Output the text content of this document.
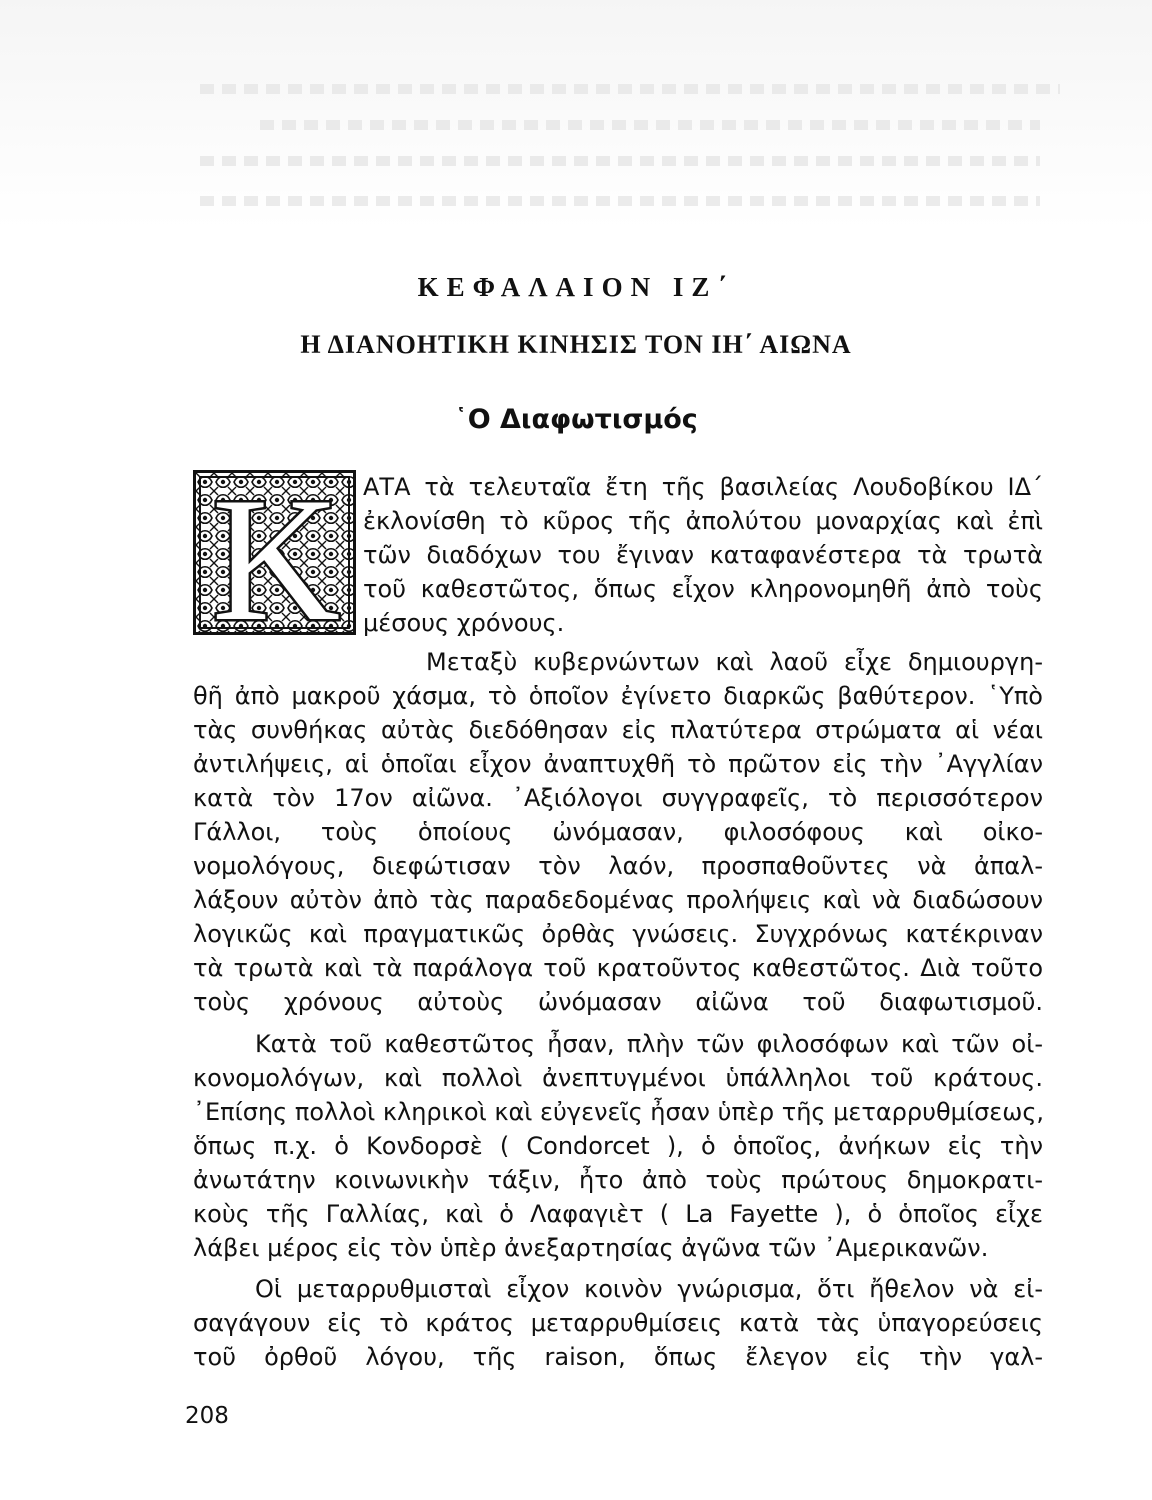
ΚΕΦΑΛΑΙΟΝ ΙΖ΄
Η ΔΙΑΝΟΗΤΙΚΗ ΚΙΝΗΣΙΣ ΤΟΝ ΙΗ΄ ΑΙΩΝΑ
῾Ο Διαφωτισμός
Κ ΑΤΑ τὰ τελευταῖα ἔτη τῆς βασιλείας Λουδοβίκου ΙΔ΄
ἐκλονίσθη τὸ κῦρος τῆς ἀπολύτου μοναρχίας καὶ ἐπὶ
τῶν διαδόχων του ἔγιναν καταφανέστερα τὰ τρωτὰ
τοῦ καθεστῶτος, ὅπως εἶχον κληρονομηθῆ ἀπὸ τοὺς
μέσους χρόνους.
Μεταξὺ κυβερνώντων καὶ λαοῦ εἶχε δημιουργη-
θῆ ἀπὸ μακροῦ χάσμα, τὸ ὁποῖον ἐγίνετο διαρκῶς βαθύτερον. ῾Υπὸ
τὰς συνθήκας αὐτὰς διεδόθησαν εἰς πλατύτερα στρώματα αἱ νέαι
ἀντιλήψεις, αἱ ὁποῖαι εἶχον ἀναπτυχθῆ τὸ πρῶτον εἰς τὴν ᾿Αγγλίαν
κατὰ τὸν 17ον αἰῶνα. ᾿Αξιόλογοι συγγραφεῖς, τὸ περισσότερον
Γάλλοι, τοὺς ὁποίους ὠνόμασαν, φιλοσόφους καὶ οἰκο-
νομολόγους, διεφώτισαν τὸν λαόν, προσπαθοῦντες νὰ ἀπαλ-
λάξουν αὐτὸν ἀπὸ τὰς παραδεδομένας προλήψεις καὶ νὰ διαδώσουν
λογικῶς καὶ πραγματικῶς ὀρθὰς γνώσεις. Συγχρόνως κατέκριναν
τὰ τρωτὰ καὶ τὰ παράλογα τοῦ κρατοῦντος καθεστῶτος. Διὰ τοῦτο
τοὺς χρόνους αὐτοὺς ὠνόμασαν αἰῶνα τοῦ διαφωτισμοῦ.
Κατὰ τοῦ καθεστῶτος ἦσαν, πλὴν τῶν φιλοσόφων καὶ τῶν οἰ-
κονομολόγων, καὶ πολλοὶ ἀνεπτυγμένοι ὑπάλληλοι τοῦ κράτους.
᾿Επίσης πολλοὶ κληρικοὶ καὶ εὐγενεῖς ἦσαν ὑπὲρ τῆς μεταρρυθμίσεως,
ὅπως π.χ. ὁ Κονδορσὲ ( Condorcet ), ὁ ὁποῖος, ἀνήκων εἰς τὴν
ἀνωτάτην κοινωνικὴν τάξιν, ἦτο ἀπὸ τοὺς πρώτους δημοκρατι-
κοὺς τῆς Γαλλίας, καὶ ὁ Λαφαγιὲτ ( La Fayette ), ὁ ὁποῖος εἶχε
λάβει μέρος εἰς τὸν ὑπὲρ ἀνεξαρτησίας ἀγῶνα τῶν ᾿Αμερικανῶν.
Οἱ μεταρρυθμισταὶ εἶχον κοινὸν γνώρισμα, ὅτι ἤθελον νὰ εἰ-
σαγάγουν εἰς τὸ κράτος μεταρρυθμίσεις κατὰ τὰς ὑπαγορεύσεις
τοῦ ὀρθοῦ λόγου, τῆς raison, ὅπως ἔλεγον εἰς τὴν γαλ-
208
